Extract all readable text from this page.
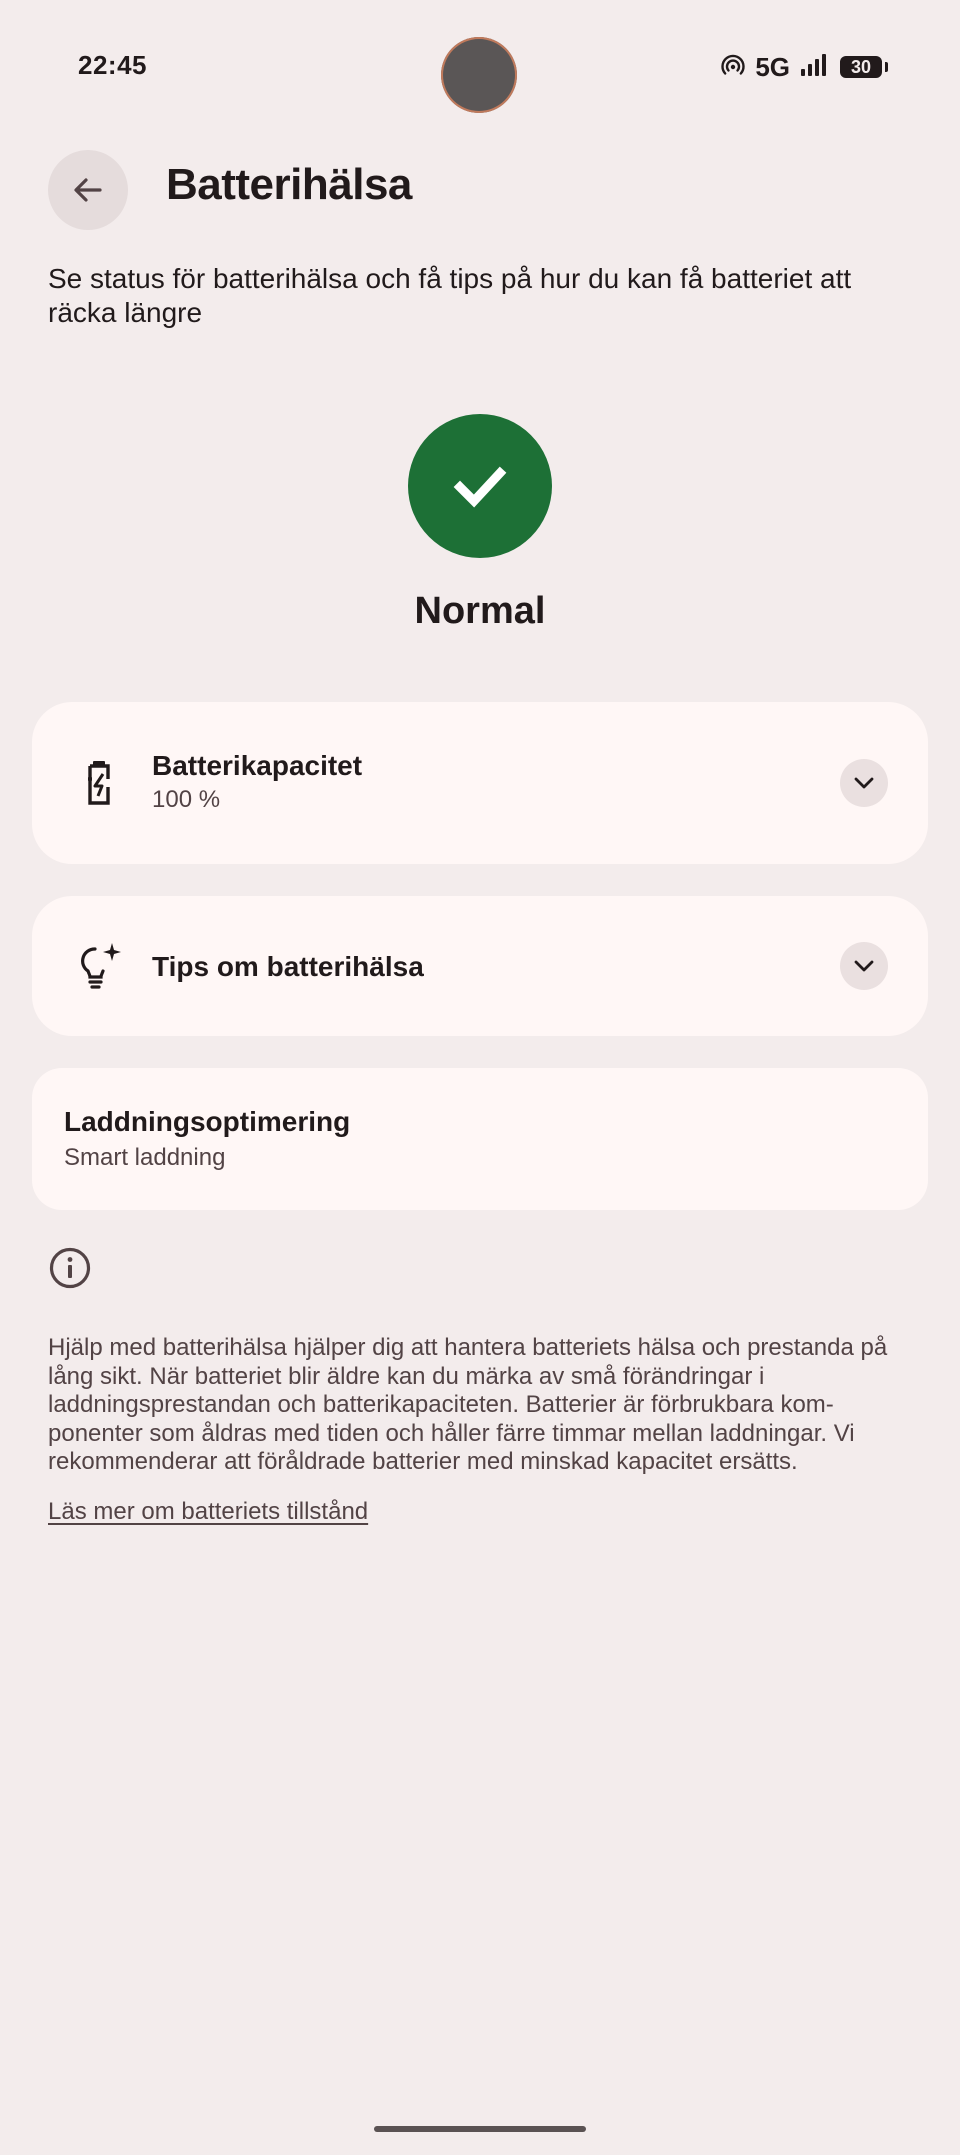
22:45	5G	30
Batterihälsa
Se status för batterihälsa och få tips på hur du kan få batteriet att räcka längre
Normal
Batterikapacitet
100 %
Tips om batterihälsa
Laddningsoptimering
Smart laddning
Hjälp med batterihälsa hjälper dig att hantera batteriets hälsa och prestanda på lång sikt. När batteriet blir äldre kan du märka av små förändringar i laddningsprestandan och batterikapaciteten. Batterier är förbrukbara kom-ponenter som åldras med tiden och håller färre timmar mellan laddningar. Vi rekommenderar att föråldrade batterier med minskad kapacitet ersätts.
Läs mer om batteriets tillstånd
